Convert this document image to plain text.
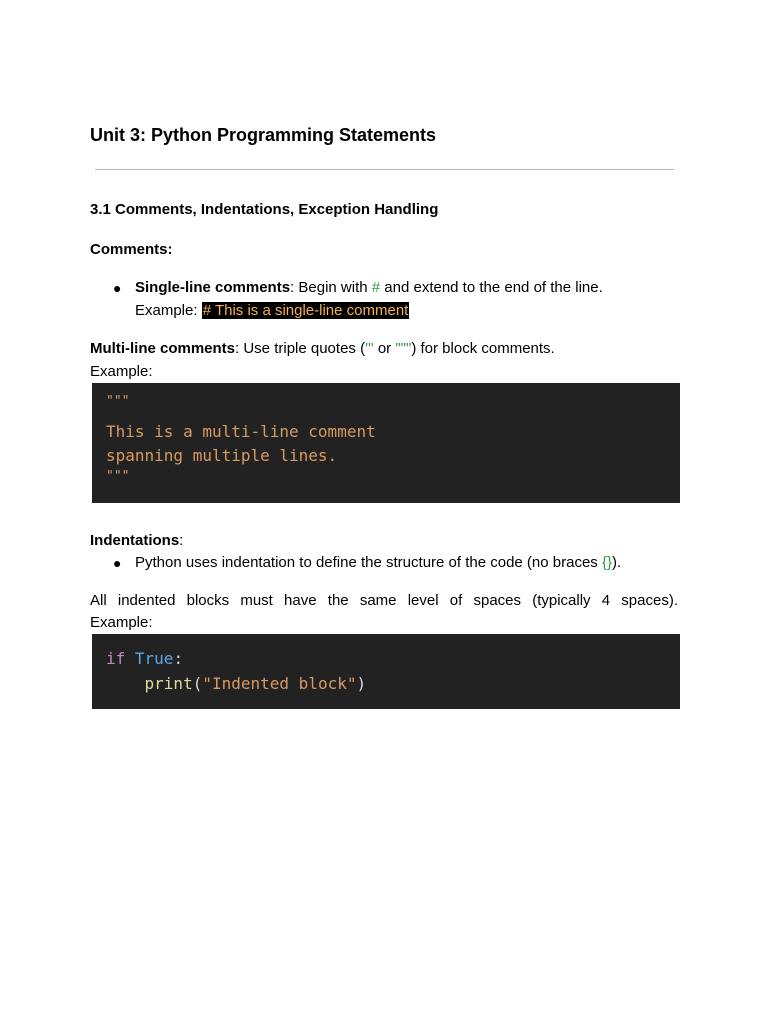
Unit 3: Python Programming Statements
3.1 Comments, Indentations, Exception Handling
Comments:
● Single-line comments: Begin with # and extend to the end of the line.
Example: # This is a single-line comment
Multi-line comments: Use triple quotes (''' or """) for block comments.
Example:
"""
This is a multi-line comment
spanning multiple lines.
"""
Indentations:
● Python uses indentation to define the structure of the code (no braces {}).
All indented blocks must have the same level of spaces (typically 4 spaces).
Example:
if True:
print("Indented block")
